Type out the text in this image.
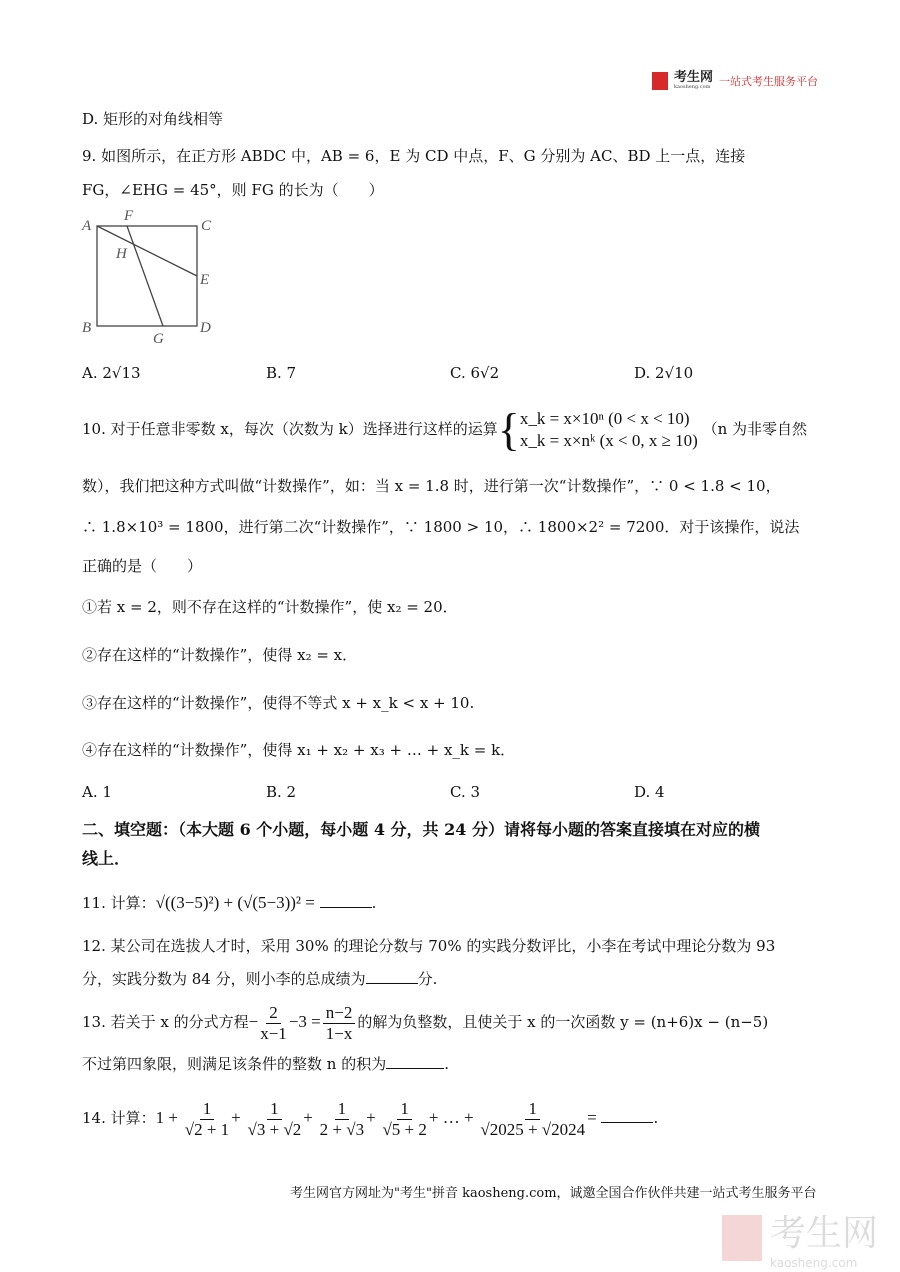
考生网
kaosheng.com 一站式考生服务平台
D. 矩形的对角线相等
9. 如图所示，在正方形 ABDC 中，AB = 6，E 为 CD 中点，F、G 分别为 AC、BD 上一点，连接
FG，∠EHG = 45°，则 FG 的长为（　　）
A
F
C
H
E
B
G
D
A. 2√13	B. 7	C. 6√2	D. 2√10
10. 对于任意非零数 x，每次（次数为 k）选择进行这样的运算{ x_k = x×10ⁿ (0 < x < 10)
x_k = x×nᵏ (x < 0, x ≥ 10)
（n 为非零自然
数），我们把这种方式叫做“计数操作”，如：当 x = 1.8 时，进行第一次“计数操作”，∵ 0 < 1.8 < 10，
∴ 1.8×10³ = 1800，进行第二次“计数操作”，∵ 1800 > 10，∴ 1800×2² = 7200．对于该操作，说法
正确的是（　　）
①若 x = 2，则不存在这样的“计数操作”，使 x₂ = 20．
②存在这样的“计数操作”，使得 x₂ = x．
③存在这样的“计数操作”，使得不等式 x + x_k < x + 10.
④存在这样的“计数操作”，使得 x₁ + x₂ + x₃ + … + x_k = k．
A. 1	B. 2	C. 3	D. 4
二、填空题：（本大题 6 个小题，每小题 4 分，共 24 分）请将每小题的答案直接填在对应的横
线上．
11. 计算：√((3−5)²) + (√(5−3))² =	.
12. 某公司在选拔人才时，采用 30% 的理论分数与 70% 的实践分数评比，小李在考试中理论分数为 93
分，实践分数为 84 分，则小李的总成绩为	分.
13. 若关于 x 的分式方程− $\frac{2}{x-1} -3 = \frac{n-2}{1-x}$ 的解为负整数，且使关于 x 的一次函数 y = (n+6)x − (n−5)
不过第四象限，则满足该条件的整数 n 的积为	.
14. 计算：$1 + \frac{1}{√2 + 1} + \frac{1}{√3 + √2} + \frac{1}{2 + √3} + \frac{1}{√5 + 2}$ + … + $\frac{1}{√2025 + √2024}$ =	.
考生网官方网址为"考生"拼音 kaosheng.com，诚邀全国合作伙伴共建一站式考生服务平台
考生网
kaosheng.com
